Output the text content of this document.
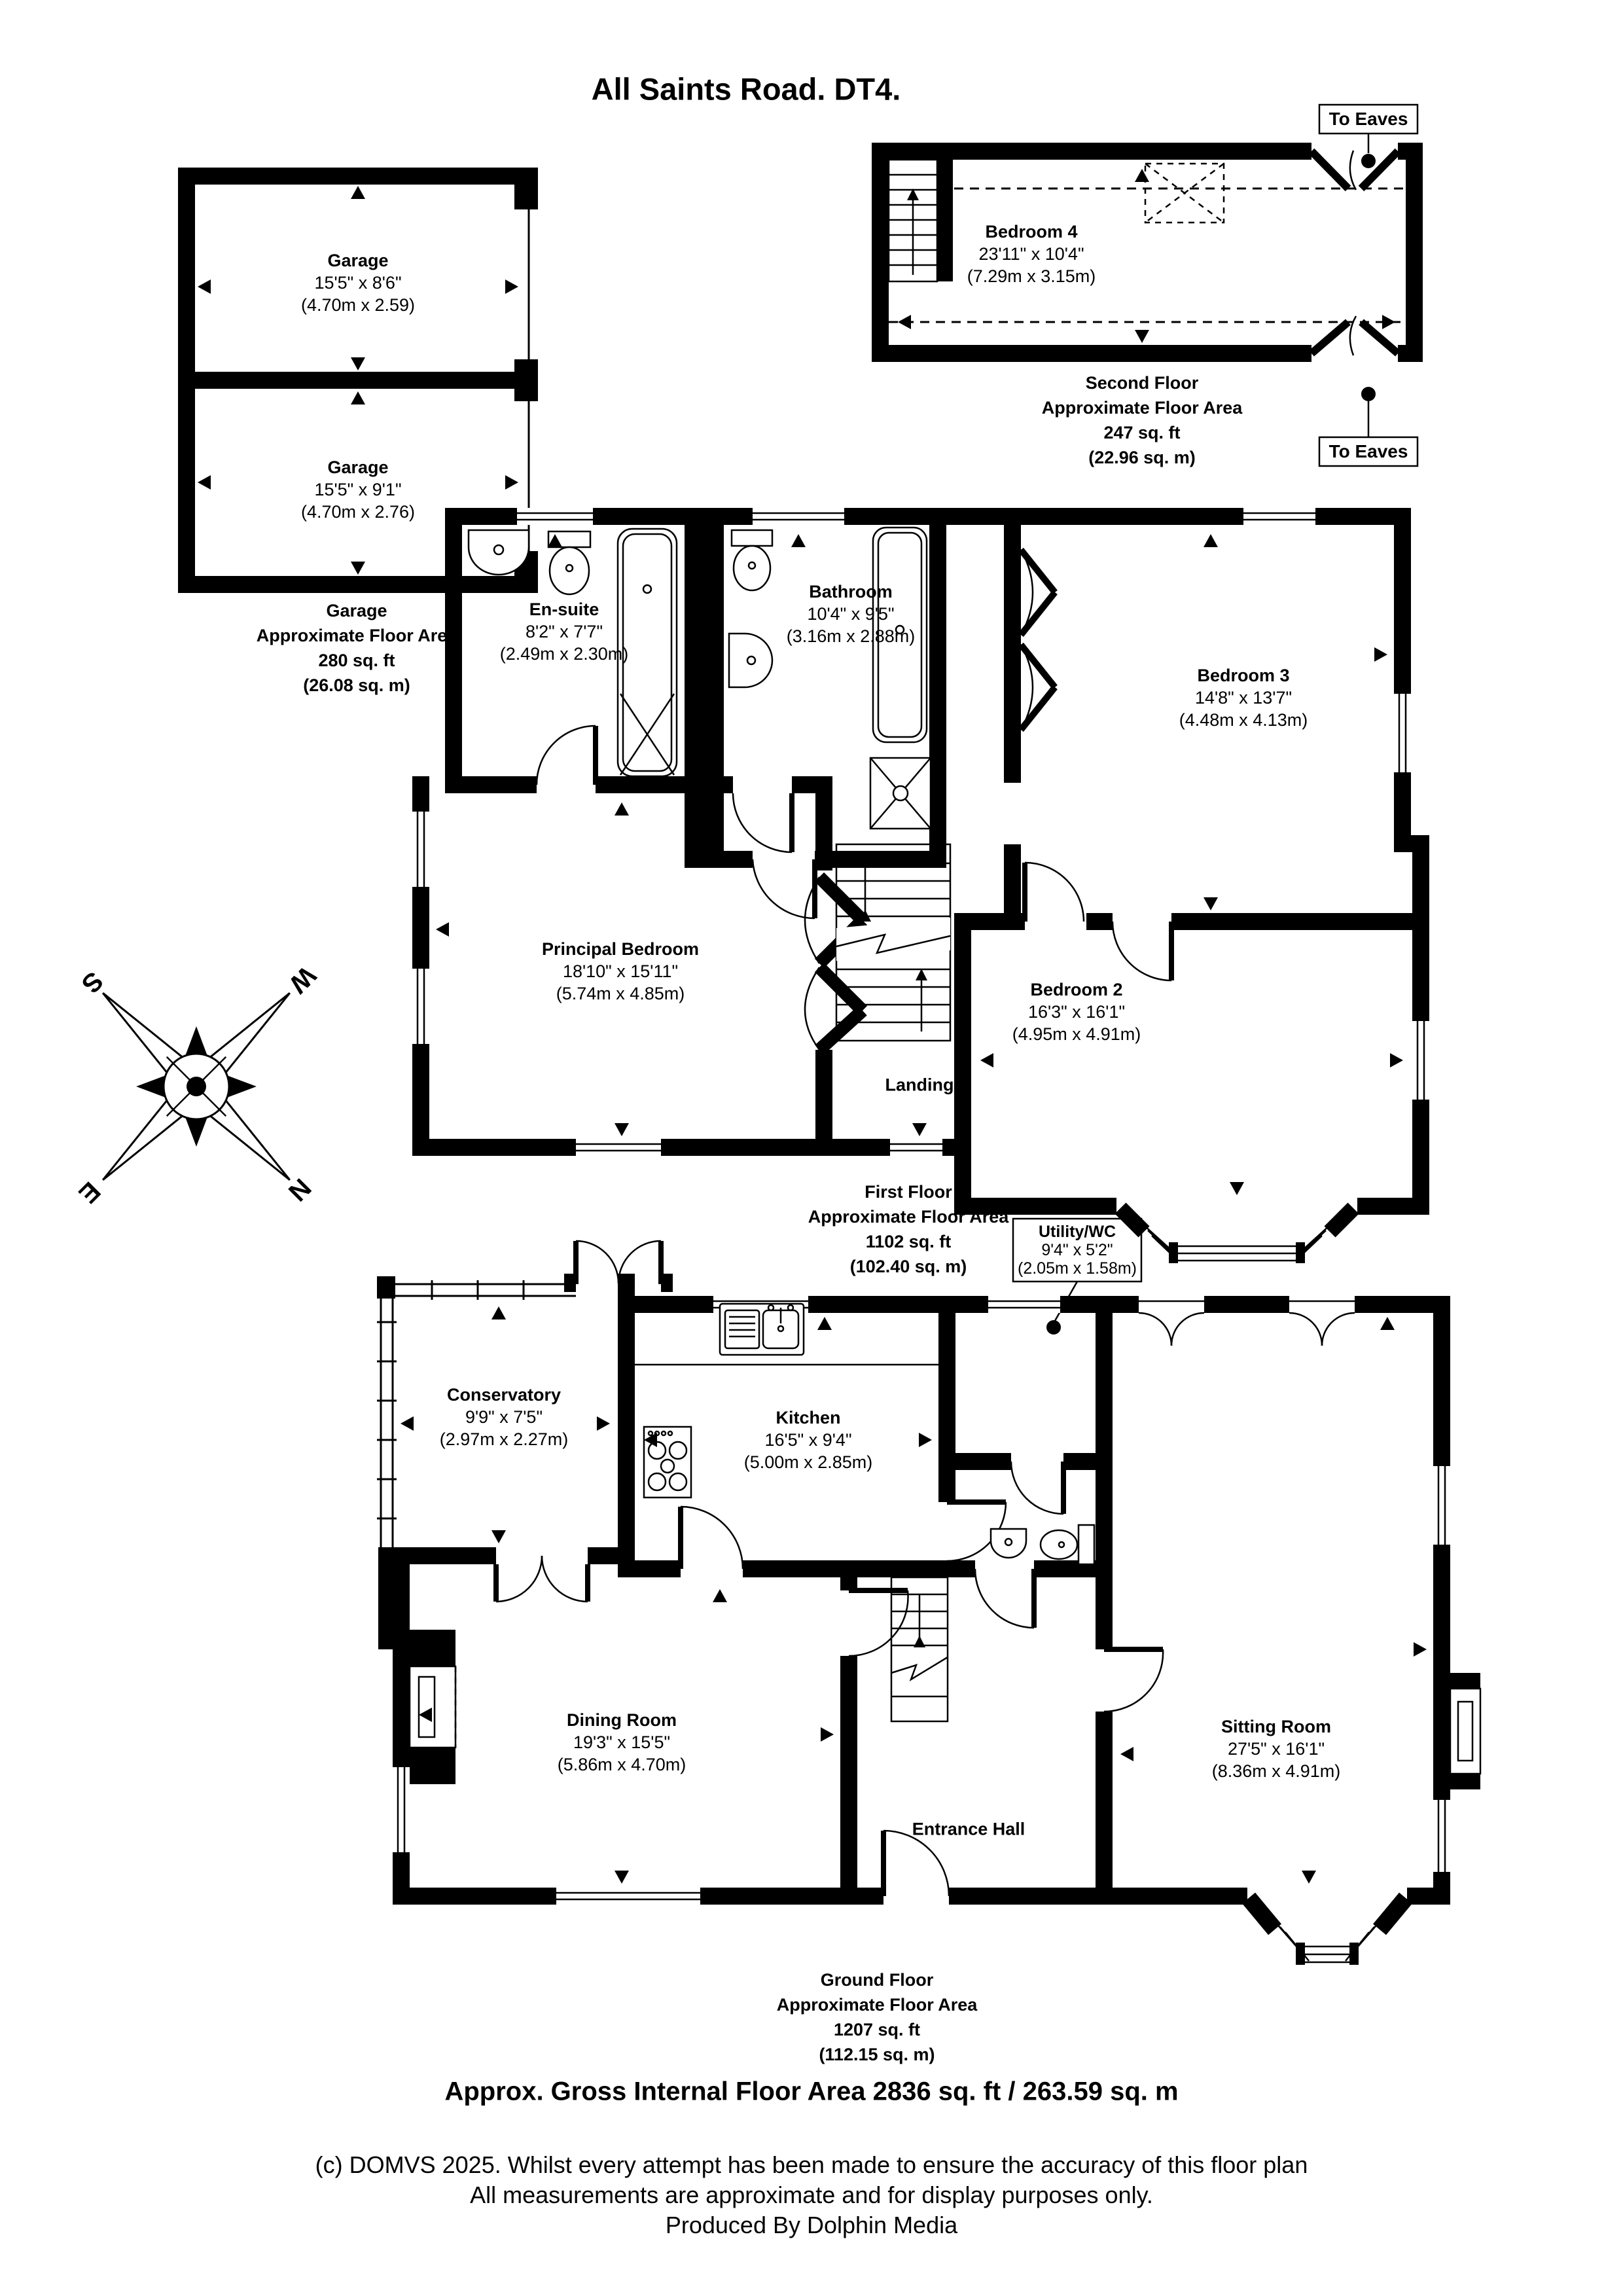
N
S
E
W
All Saints Road. DT4.
Garage
15'5" x 8'6"
(4.70m x 2.59)
Garage
15'5" x 9'1"
(4.70m x 2.76)
Garage
Approximate Floor Area
280 sq. ft
(26.08 sq. m)
Bedroom 4
23'11" x 10'4"
(7.29m x 3.15m)
Second Floor
Approximate Floor Area
247 sq. ft
(22.96 sq. m)
To Eaves
To Eaves
En-suite
8'2" x 7'7"
(2.49m x 2.30m)
Bathroom
10'4" x 9'5"
(3.16m x 2.88m)
Bedroom 3
14'8" x 13'7"
(4.48m x 4.13m)
Principal Bedroom
18'10" x 15'11"
(5.74m x 4.85m)	Bedroom 2
16'3" x 16'1"
(4.95m x 4.91m)
Landing
First Floor
Approximate Floor Area
1102 sq. ft
(102.40 sq. m)
Utility/WC
9'4" x 5'2"
(2.05m x 1.58m)
Conservatory
9'9" x 7'5"
(2.97m x 2.27m)
Kitchen
16'5" x 9'4"
(5.00m x 2.85m)
Sitting Room
27'5" x 16'1"
(8.36m x 4.91m)
Dining Room
19'3" x 15'5"
(5.86m x 4.70m)
Entrance Hall
Ground Floor
Approximate Floor Area
1207 sq. ft
(112.15 sq. m)
Approx. Gross Internal Floor Area 2836 sq. ft / 263.59 sq. m
(c) DOMVS 2025. Whilst every attempt has been made to ensure the accuracy of this floor plan
All measurements are approximate and for display purposes only.
Produced By Dolphin Media
